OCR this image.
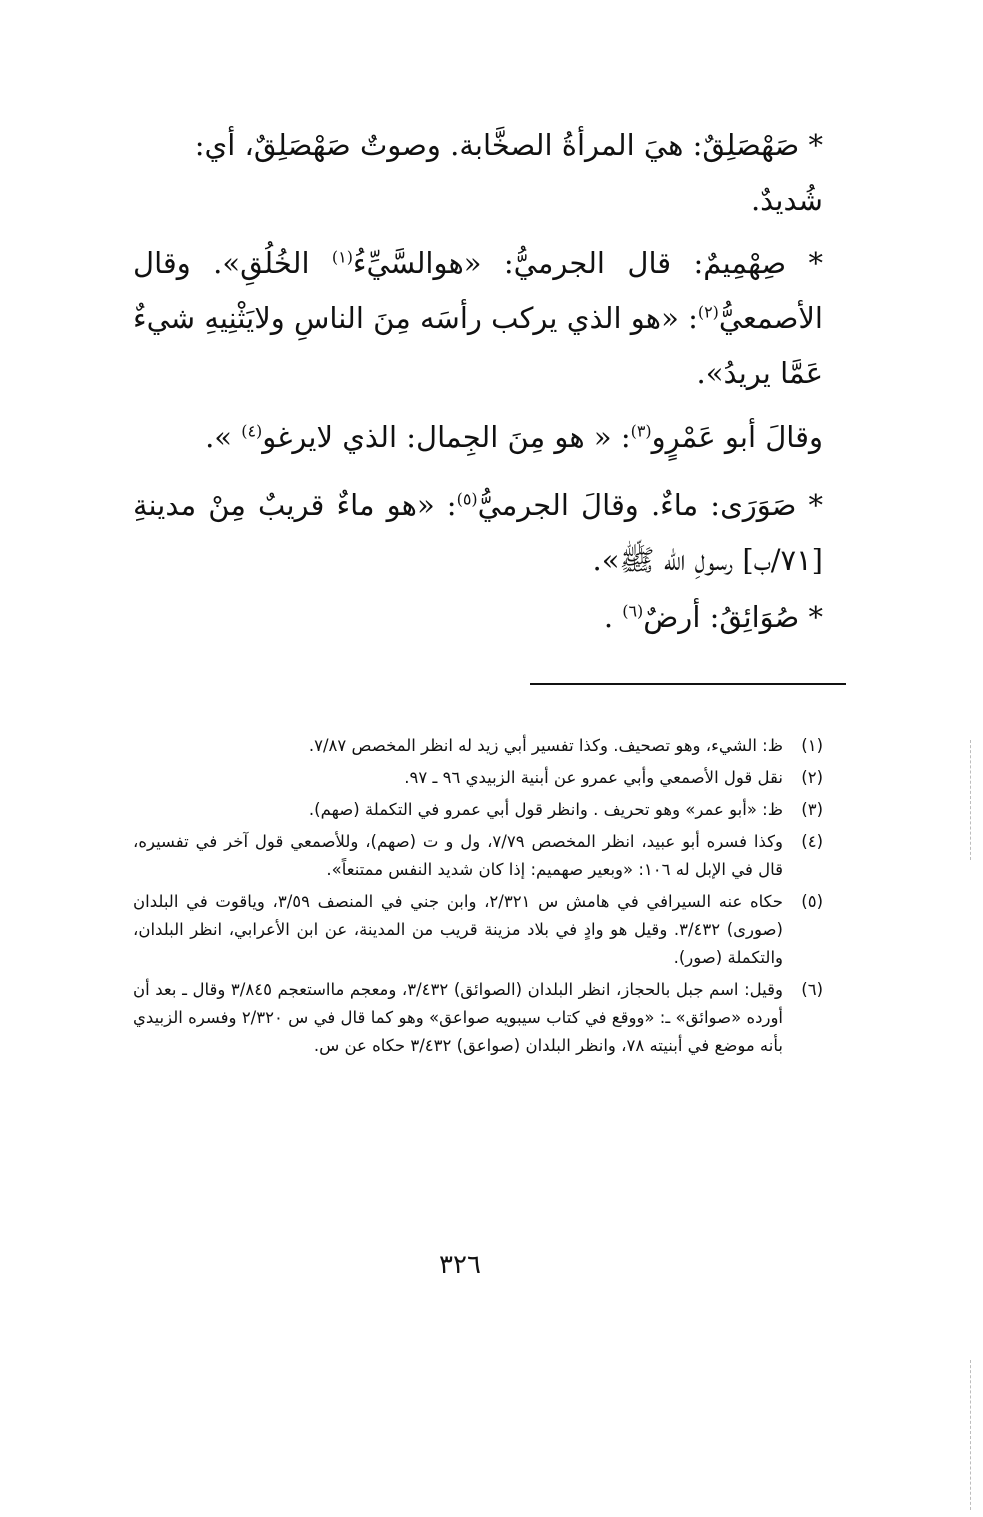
* صَهْصَلِقٌ: هيَ المرأةُ الصخَّابة. وصوتٌ صَهْصَلِقٌ، أي:
شُديدٌ.
* صِهْمِيمٌ: قال الجرميُّ: «هوالسَّيِّءُ$^{(١)}$ الخُلُقِ». وقال الأصمعيُّ$^{(٢)}$: «هو الذي يركب رأسَه مِنَ الناسِ ولايَثْنِيهِ شيءٌ عَمَّا يريدُ».
وقالَ أبو عَمْرٍو$^{(٣)}$: « هو مِنَ الجِمال: الذي لايرغو$^{(٤)}$ ».
* صَوَرَى: ماءٌ. وقالَ الجرميُّ$^{(٥)}$: «هو ماءٌ قريبٌ مِنْ مدينةِ [٧١/ب] رسولِ الله ﷺ».
* صُوَائِقُ: أرضٌ$^{(٦)}$ .
(١)
ظ: الشيء، وهو تصحيف. وكذا تفسير أبي زيد له انظر المخصص ٧/٨٧.
(٢)
نقل قول الأصمعي وأبي عمرو عن أبنية الزبيدي ٩٦ ـ ٩٧.
(٣)
ظ: «أبو عمر» وهو تحريف . وانظر قول أبي عمرو في التكملة (صهم).
(٤)
وكذا فسره أبو عبيد، انظر المخصص ٧/٧٩، ول و ت (صهم)، وللأصمعي قول آخر في تفسيره، قال في الإبل له ١٠٦: «وبعير صهميم: إذا كان شديد النفس ممتنعاً».
(٥)
حكاه عنه السيرافي في هامش س ٢/٣٢١، وابن جني في المنصف ٣/٥٩، وياقوت في البلدان (صورى) ٣/٤٣٢. وقيل هو وادٍ في بلاد مزينة قريب من المدينة، عن ابن الأعرابي، انظر البلدان، والتكملة (صور).
(٦)
وقيل: اسم جبل بالحجاز، انظر البلدان (الصوائق) ٣/٤٣٢، ومعجم مااستعجم ٣/٨٤٥ وقال ـ بعد أن أورده «صوائق» ـ: «ووقع في كتاب سيبويه صواعق» وهو كما قال في س ٢/٣٢٠ وفسره الزبيدي بأنه موضع في أبنيته ٧٨، وانظر البلدان (صواعق) ٣/٤٣٢ حكاه عن س.
٣٢٦
